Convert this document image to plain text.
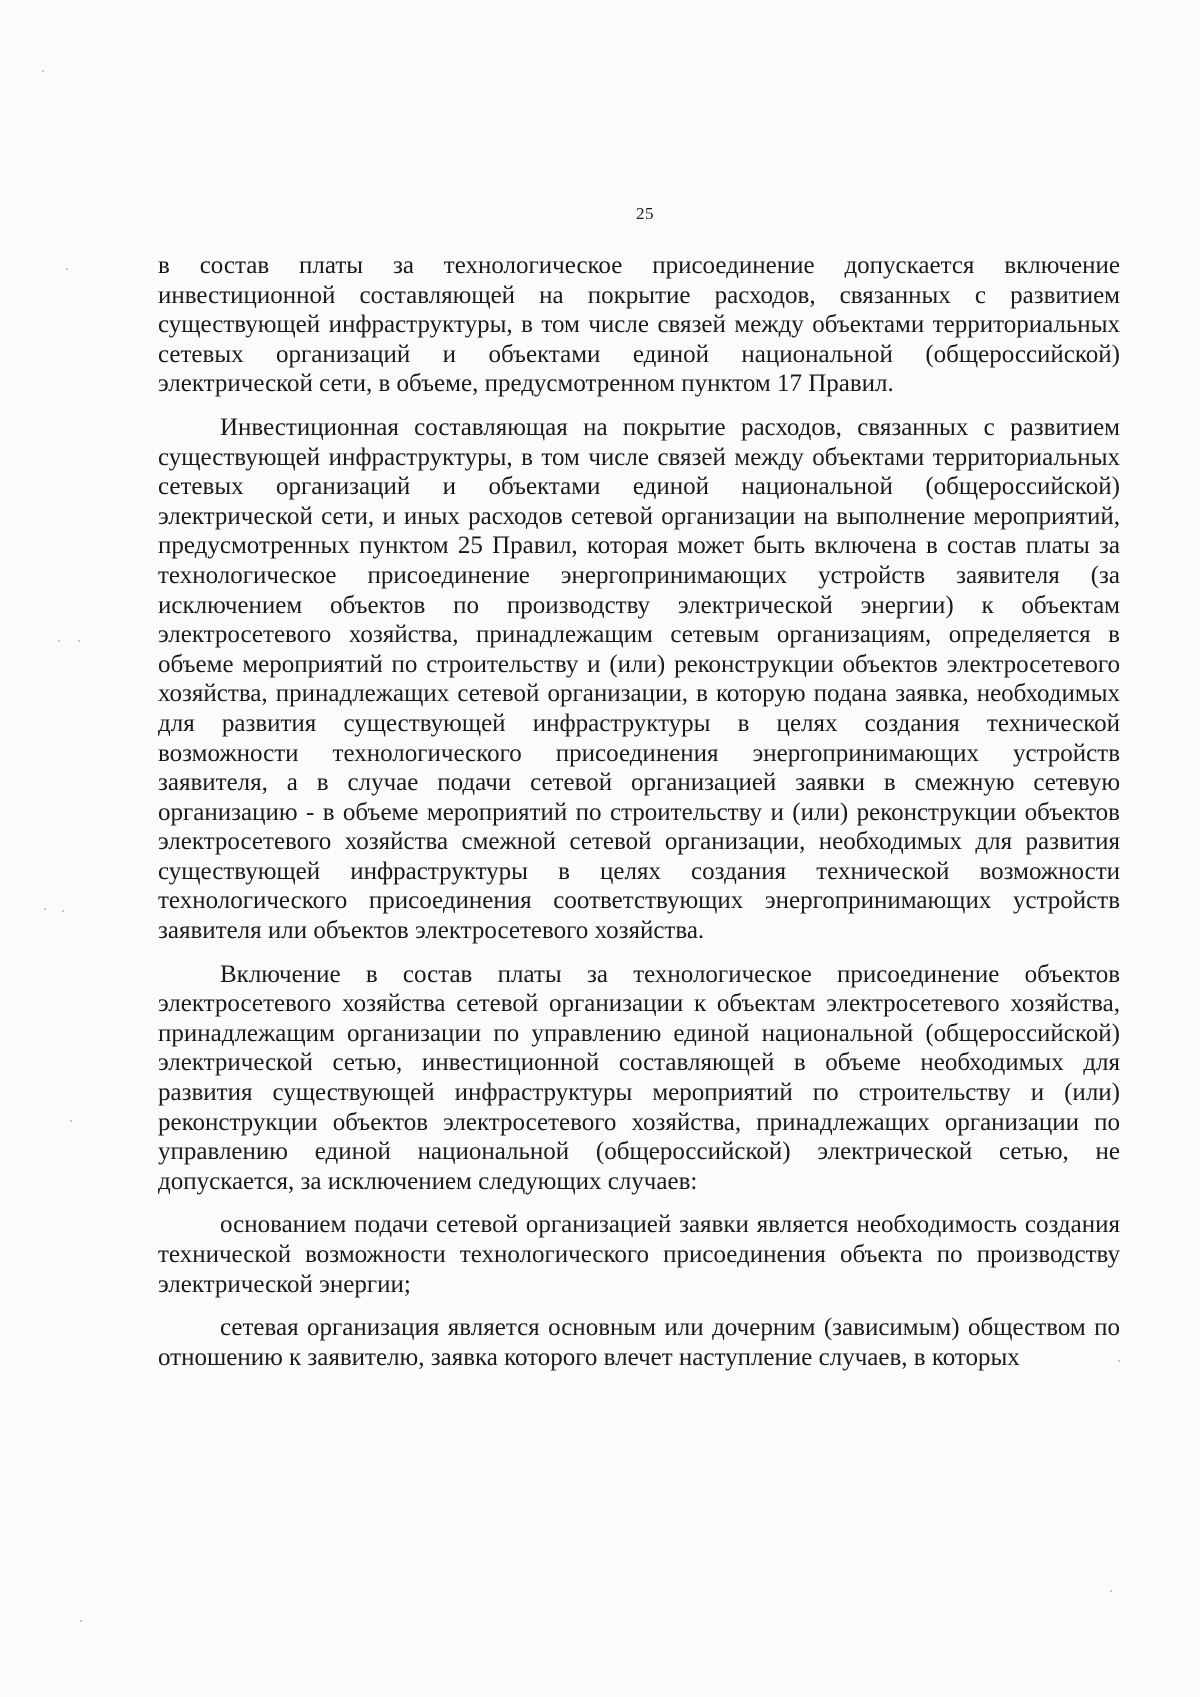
25

в состав платы за технологическое присоединение допускается включение инвестиционной составляющей на покрытие расходов, связанных с развитием существующей инфраструктуры, в том числе связей между объектами территориальных сетевых организаций и объектами единой национальной (общероссийской) электрической сети, в объеме, предусмотренном пунктом 17 Правил.

Инвестиционная составляющая на покрытие расходов, связанных с развитием существующей инфраструктуры, в том числе связей между объектами территориальных сетевых организаций и объектами единой национальной (общероссийской) электрической сети, и иных расходов сетевой организации на выполнение мероприятий, предусмотренных пунктом 25 Правил, которая может быть включена в состав платы за технологическое присоединение энергопринимающих устройств заявителя (за исключением объектов по производству электрической энергии) к объектам электросетевого хозяйства, принадлежащим сетевым организациям, определяется в объеме мероприятий по строительству и (или) реконструкции объектов электросетевого хозяйства, принадлежащих сетевой организации, в которую подана заявка, необходимых для развития существующей инфраструктуры в целях создания технической возможности технологического присоединения энергопринимающих устройств заявителя, а в случае подачи сетевой организацией заявки в смежную сетевую организацию - в объеме мероприятий по строительству и (или) реконструкции объектов электросетевого хозяйства смежной сетевой организации, необходимых для развития существующей инфраструктуры в целях создания технической возможности технологического присоединения соответствующих энергопринимающих устройств заявителя или объектов электросетевого хозяйства.

Включение в состав платы за технологическое присоединение объектов электросетевого хозяйства сетевой организации к объектам электросетевого хозяйства, принадлежащим организации по управлению единой национальной (общероссийской) электрической сетью, инвестиционной составляющей в объеме необходимых для развития существующей инфраструктуры мероприятий по строительству и (или) реконструкции объектов электросетевого хозяйства, принадлежащих организации по управлению единой национальной (общероссийской) электрической сетью, не допускается, за исключением следующих случаев:

основанием подачи сетевой организацией заявки является необходимость создания технической возможности технологического присоединения объекта по производству электрической энергии;

сетевая организация является основным или дочерним (зависимым) обществом по отношению к заявителю, заявка которого влечет наступление случаев, в которых
